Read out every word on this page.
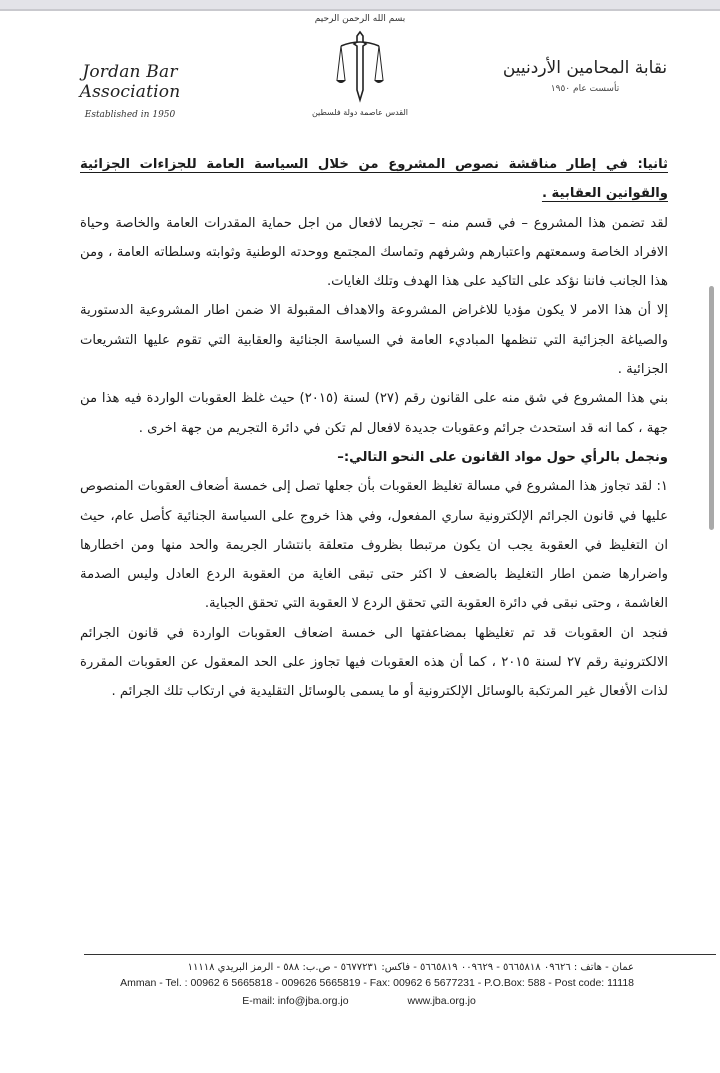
Jordan Bar Association
Established in 1950
بسم الله الرحمن الرحيم
القدس عاصمة دولة فلسطين
نقابة المحامين الأردنيين
تأسست عام ١٩٥٠

ثانيا: في إطار مناقشة نصوص المشروع من خلال السياسة العامة للجزاءات الجزائية والقوانين العقابية .

لقد تضمن هذا المشروع – في قسم منه – تجريما لافعال من اجل حماية المقدرات العامة والخاصة وحياة الافراد الخاصة وسمعتهم واعتبارهم وشرفهم وتماسك المجتمع ووحدته الوطنية وثوابته وسلطاته العامة ، ومن هذا الجانب فاننا نؤكد على التاكيد على هذا الهدف وتلك الغايات.

إلا أن هذا الامر لا يكون مؤديا للاغراض المشروعة والاهداف المقبولة الا ضمن اطار المشروعية الدستورية والصياغة الجزائية التي تنظمها المباديء العامة في السياسة الجنائية والعقابية التي تقوم عليها التشريعات الجزائية .

بني هذا المشروع في شق منه على القانون رقم (٢٧) لسنة (٢٠١٥) حيث غلظ العقوبات الواردة فيه هذا من جهة ، كما انه قد استحدث جرائم وعقوبات جديدة لافعال لم تكن في دائرة التجريم من جهة اخرى .

ونجمل بالرأي حول مواد القانون على النحو التالي:–

١: لقد تجاوز هذا المشروع في مسالة تغليظ العقوبات بأن جعلها تصل إلى خمسة أضعاف العقوبات المنصوص عليها في قانون الجرائم الإلكترونية ساري المفعول، وفي هذا خروج على السياسة الجنائية كأصل عام، حيث ان التغليظ في العقوبة يجب ان يكون مرتبطا بظروف متعلقة بانتشار الجريمة والحد منها ومن اخطارها واضرارها ضمن اطار التغليظ بالضعف لا اكثر حتى تبقى الغاية من العقوبة الردع العادل وليس الصدمة الغاشمة ، وحتى نبقى في دائرة العقوبة التي تحقق الردع لا العقوبة التي تحقق الجباية.

فنجد ان العقوبات قد تم تغليظها بمضاعفتها الى خمسة اضعاف العقوبات الواردة في قانون الجرائم الالكترونية رقم ٢٧ لسنة ٢٠١٥ ، كما أن هذه العقوبات فيها تجاوز على الحد المعقول عن العقوبات المقررة لذات الأفعال غير المرتكبة بالوسائل الإلكترونية أو ما يسمى بالوسائل التقليدية في ارتكاب تلك الجرائم .

عمان - هاتف : ٠٩٦٢٦ ٥٦٦٥٨١٨ - ٠٠٩٦٢٩ ٥٦٦٥٨١٩ - فاكس: ٥٦٧٧٢٣١ - ص.ب: ٥٨٨ - الرمز البريدي ١١١١٨
Amman - Tel. : 00962 6 5665818 - 009626 5665819 - Fax: 00962 6 5677231 - P.O.Box: 588 - Post code: 11118
E-mail: info@jba.org.jo	www.jba.org.jo
